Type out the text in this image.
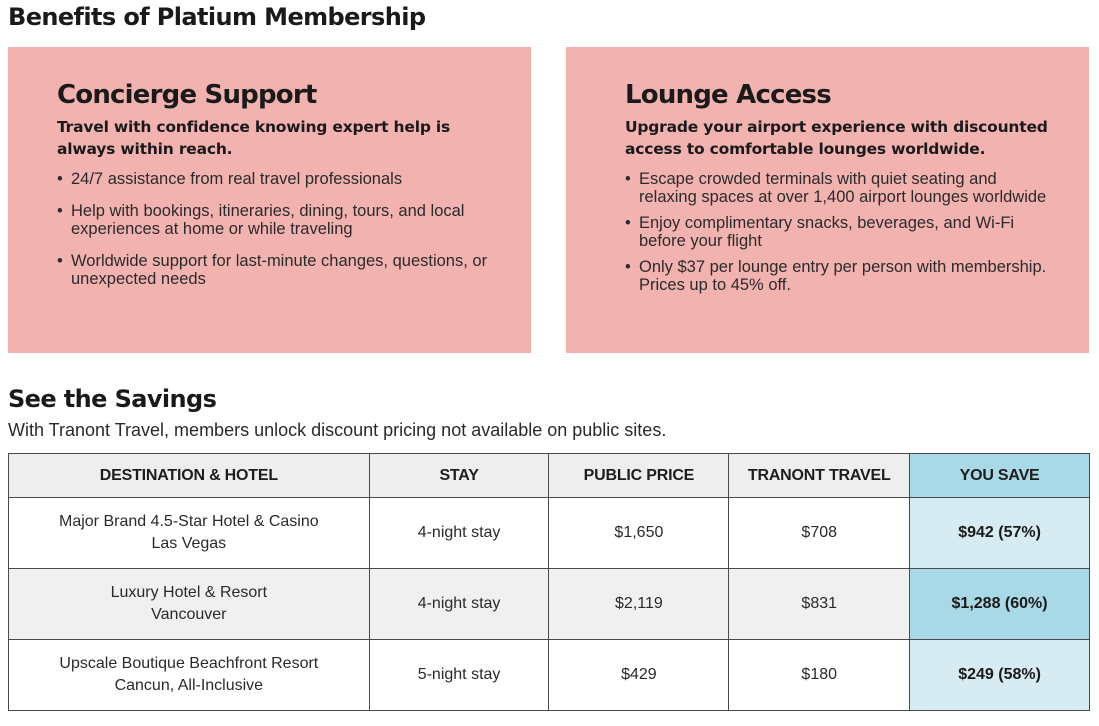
Benefits of Platium Membership
Concierge Support

Travel with confidence knowing expert help is always within reach.

• 24/7 assistance from real travel professionals
• Help with bookings, itineraries, dining, tours, and local experiences at home or while traveling
• Worldwide support for last-minute changes, questions, or unexpected needs
Lounge Access

Upgrade your airport experience with discounted access to comfortable lounges worldwide.

• Escape crowded terminals with quiet seating and relaxing spaces at over 1,400 airport lounges worldwide
• Enjoy complimentary snacks, beverages, and Wi-Fi before your flight
• Only $37 per lounge entry per person with membership. Prices up to 45% off.
See the Savings

With Tranont Travel, members unlock discount pricing not available on public sites.

DESTINATION & HOTEL	STAY	PUBLIC PRICE	TRANONT TRAVEL	YOU SAVE

Major Brand 4.5-Star Hotel & Casino
Las Vegas	4-night stay	$1,650	$708	$942 (57%)

Luxury Hotel & Resort
Vancouver	4-night stay	$2,119	$831	$1,288 (60%)

Upscale Boutique Beachfront Resort
Cancun, All-Inclusive	5-night stay	$429	$180	$249 (58%)
